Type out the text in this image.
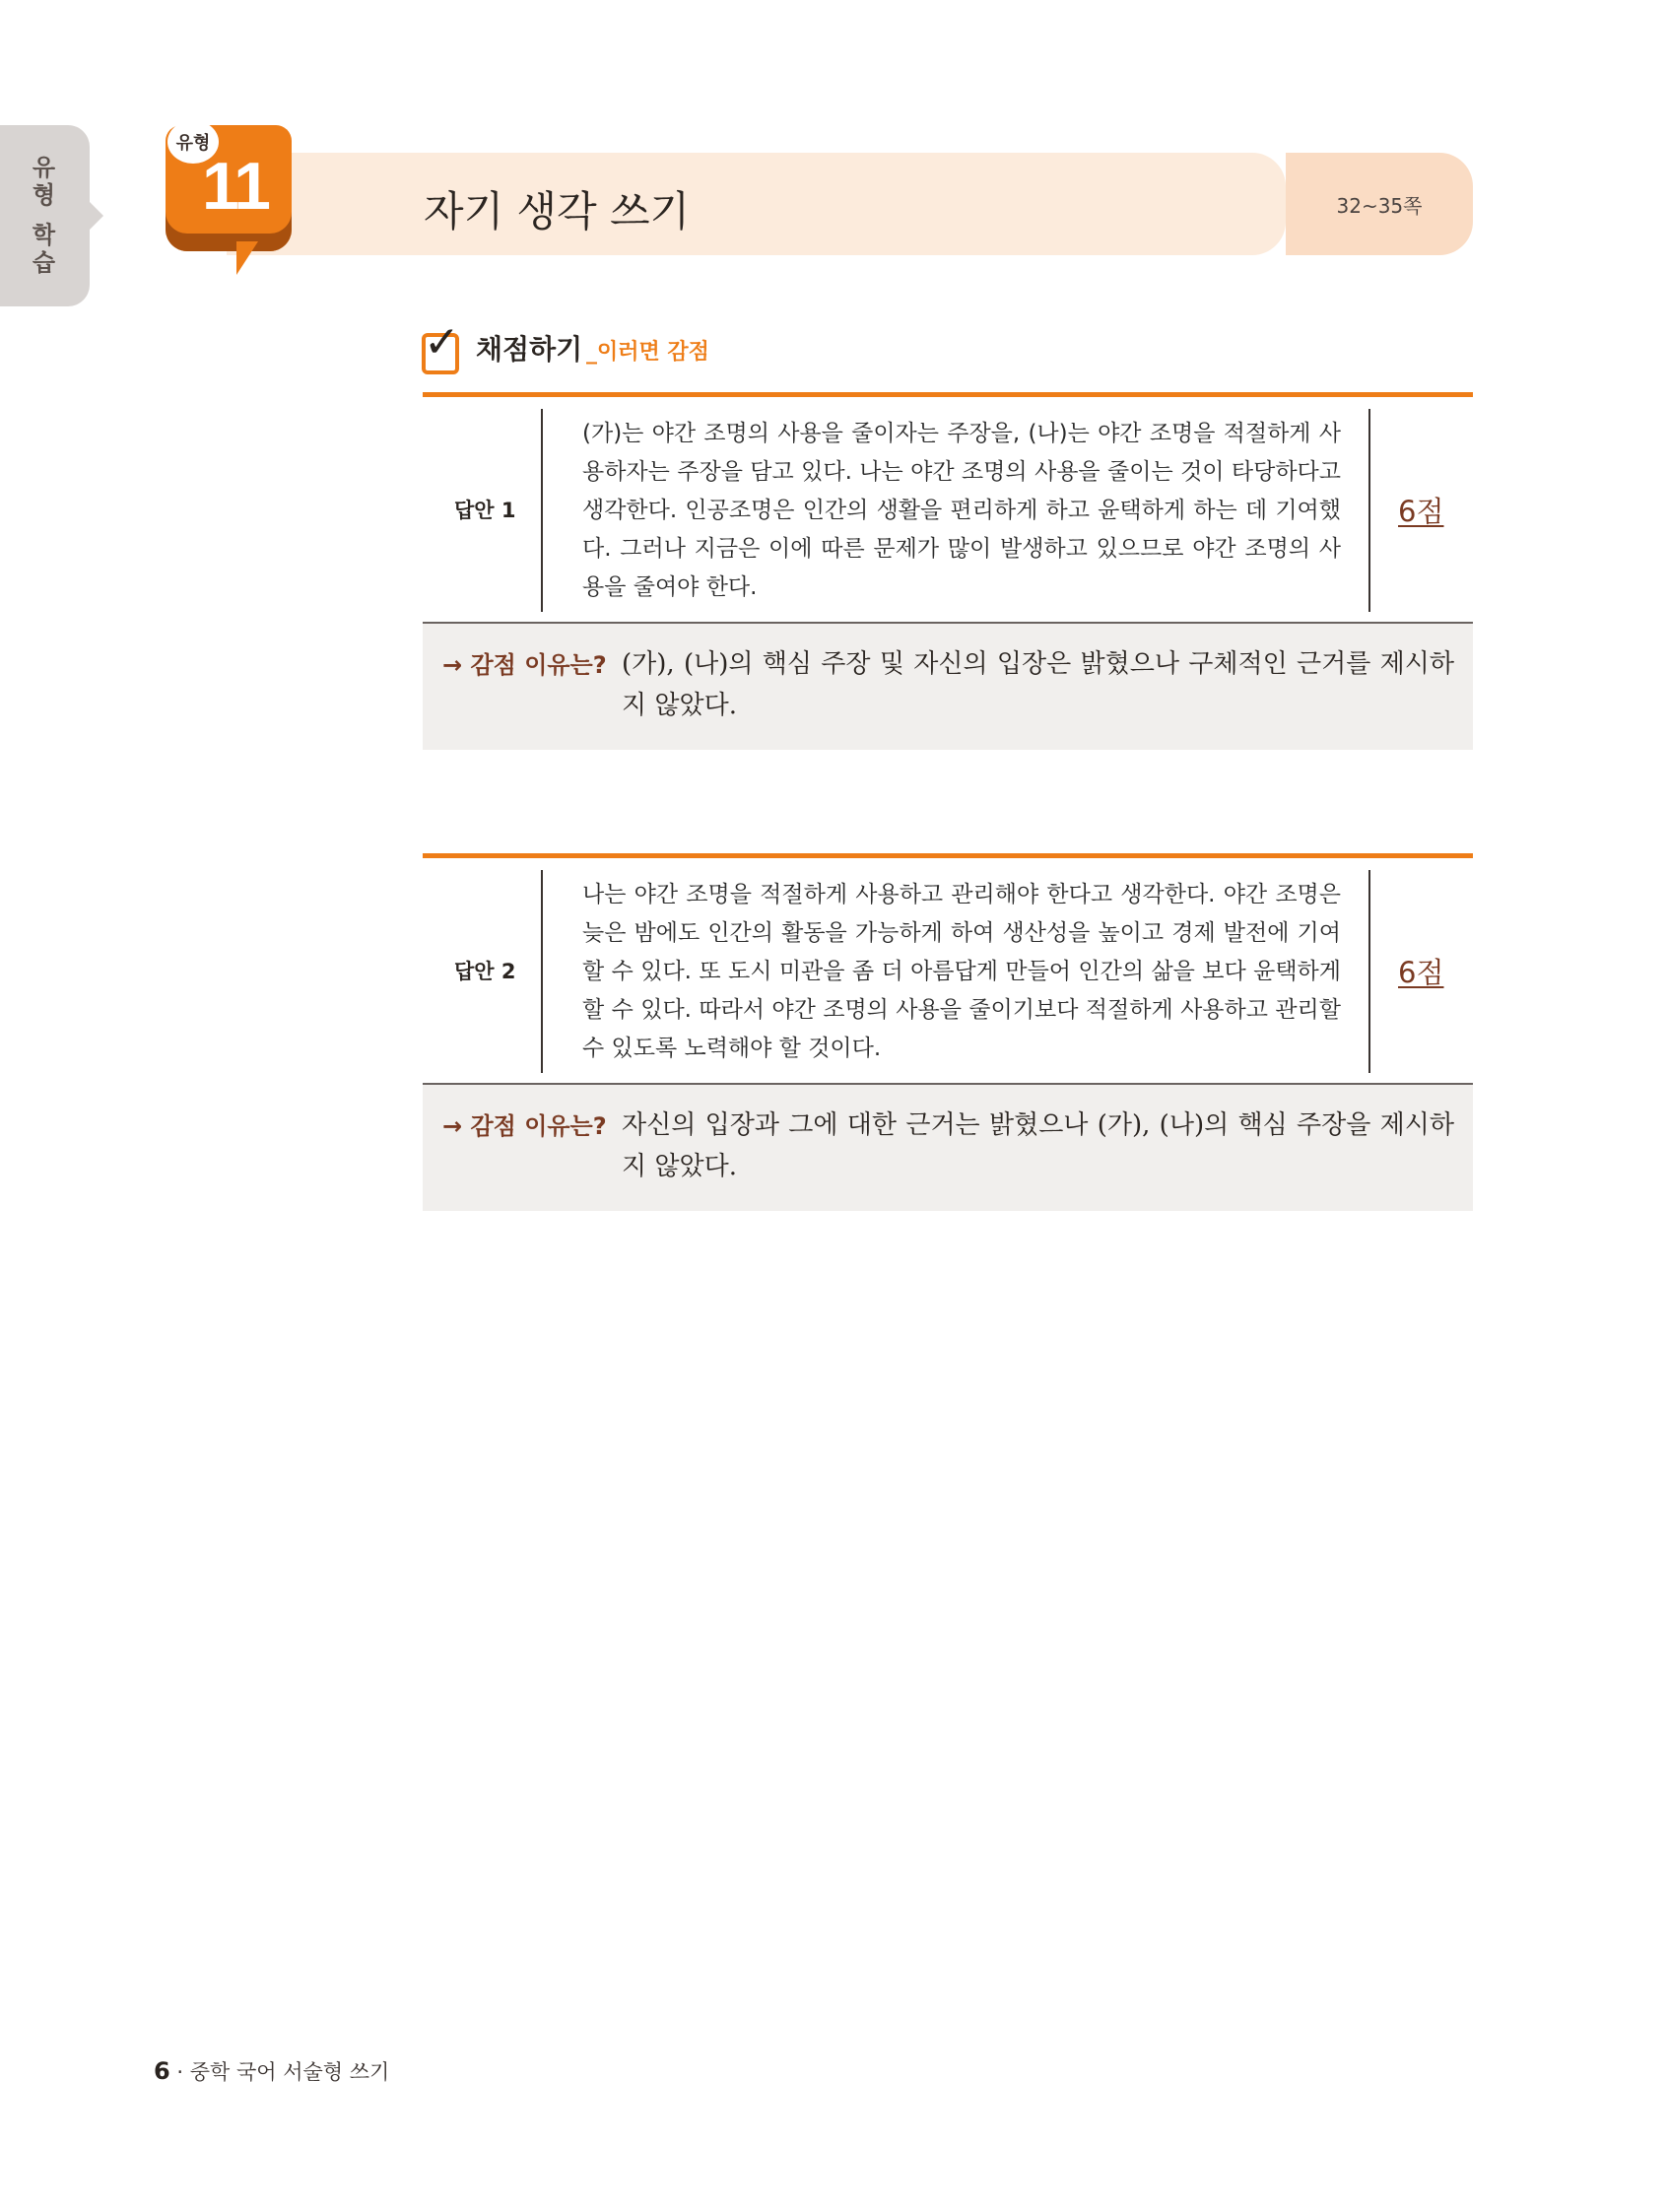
유형 학습	32~35쪽
유형
11	자기 생각 쓰기
✓ 채점하기 _이러면 감점
답안 1
(가)는 야간 조명의 사용을 줄이자는 주장을, (나)는 야간 조명을 적절하게 사용하자는 주장을 담고 있다. 나는 야간 조명의 사용을 줄이는 것이 타당하다고 생각한다. 인공조명은 인간의 생활을 편리하게 하고 윤택하게 하는 데 기여했다. 그러나 지금은 이에 따른 문제가 많이 발생하고 있으므로 야간 조명의 사용을 줄여야 한다.
6점
→ 감점 이유는? (가), (나)의 핵심 주장 및 자신의 입장은 밝혔으나 구체적인 근거를 제시하지 않았다.
답안 2
나는 야간 조명을 적절하게 사용하고 관리해야 한다고 생각한다. 야간 조명은 늦은 밤에도 인간의 활동을 가능하게 하여 생산성을 높이고 경제 발전에 기여할 수 있다. 또 도시 미관을 좀 더 아름답게 만들어 인간의 삶을 보다 윤택하게 할 수 있다. 따라서 야간 조명의 사용을 줄이기보다 적절하게 사용하고 관리할 수 있도록 노력해야 할 것이다.
6점
→ 감점 이유는? 자신의 입장과 그에 대한 근거는 밝혔으나 (가), (나)의 핵심 주장을 제시하지 않았다.
6 · 중학 국어 서술형 쓰기
